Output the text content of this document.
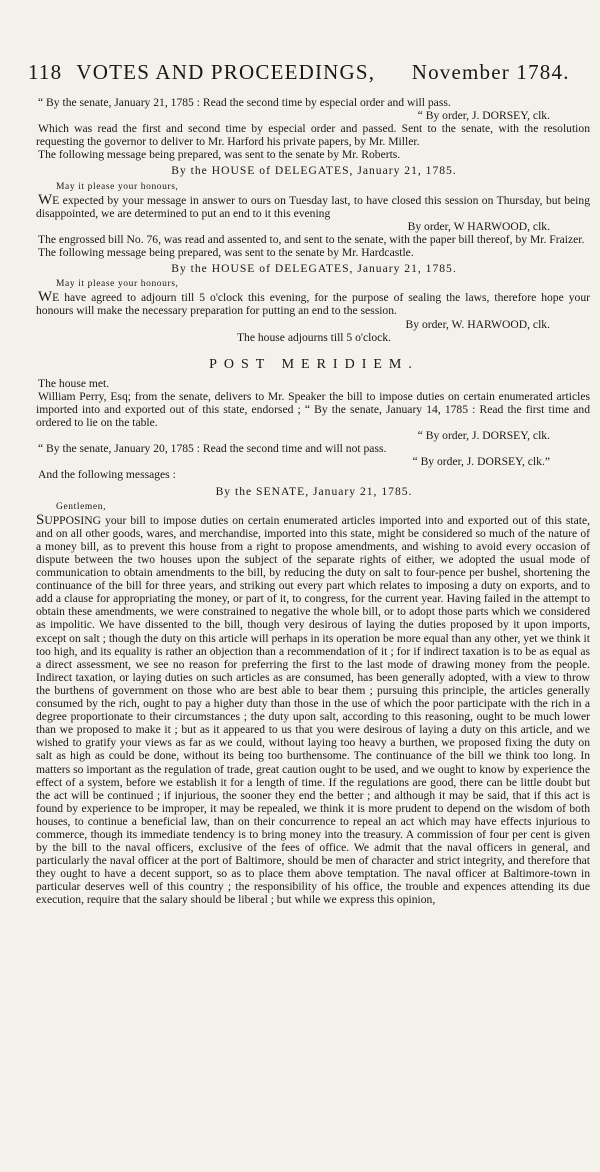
118 VOTES AND PROCEEDINGS, November 1784.

“ By the senate, January 21, 1785 : Read the second time by especial order and will pass.

“ By order, J. DORSEY, clk.

Which was read the first and second time by especial order and passed. Sent to the senate, with the resolution requesting the governor to deliver to Mr. Harford his private papers, by Mr. Miller.

The following message being prepared, was sent to the senate by Mr. Roberts.

By the HOUSE of DELEGATES, January 21, 1785.

May it please your honours,

WE expected by your message in answer to ours on Tuesday last, to have closed this session on Thursday, but being disappointed, we are determined to put an end to it this evening

By order, W HARWOOD, clk.

The engrossed bill No. 76, was read and assented to, and sent to the senate, with the paper bill thereof, by Mr. Fraizer.

The following message being prepared, was sent to the senate by Mr. Hardcastle.

By the HOUSE of DELEGATES, January 21, 1785.

May it please your honours,

WE have agreed to adjourn till 5 o'clock this evening, for the purpose of sealing the laws, therefore hope your honours will make the necessary preparation for putting an end to the session.

By order, W. HARWOOD, clk.

The house adjourns till 5 o'clock.

POST MERIDIEM.

The house met.

William Perry, Esq; from the senate, delivers to Mr. Speaker the bill to impose duties on certain enumerated articles imported into and exported out of this state, endorsed ; “ By the senate, January 14, 1785 : Read the first time and ordered to lie on the table.

“ By order, J. DORSEY, clk.

“ By the senate, January 20, 1785 : Read the second time and will not pass.

“ By order, J. DORSEY, clk.”

And the following messages :

By the SENATE, January 21, 1785.

Gentlemen,

SUPPOSING your bill to impose duties on certain enumerated articles imported into and exported out of this state, and on all other goods, wares, and merchandise, imported into this state, might be considered so much of the nature of a money bill, as to prevent this house from a right to propose amendments, and wishing to avoid every occasion of dispute between the two houses upon the subject of the separate rights of either, we adopted the usual mode of communication to obtain amendments to the bill, by reducing the duty on salt to four-pence per bushel, shortening the continuance of the bill for three years, and striking out every part which relates to imposing a duty on exports, and to add a clause for appropriating the money, or part of it, to congress, for the current year. Having failed in the attempt to obtain these amendments, we were constrained to negative the whole bill, or to adopt those parts which we considered as impolitic. We have dissented to the bill, though very desirous of laying the duties proposed by it upon imports, except on salt ; though the duty on this article will perhaps in its operation be more equal than any other, yet we think it too high, and its equality is rather an objection than a recommendation of it ; for if indirect taxation is to be as equal as a direct assessment, we see no reason for preferring the first to the last mode of drawing money from the people. Indirect taxation, or laying duties on such articles as are consumed, has been generally adopted, with a view to throw the burthens of government on those who are best able to bear them ; pursuing this principle, the articles generally consumed by the rich, ought to pay a higher duty than those in the use of which the poor participate with the rich in a degree proportionate to their circumstances ; the duty upon salt, according to this reasoning, ought to be much lower than we proposed to make it ; but as it appeared to us that you were desirous of laying a duty on this article, and we wished to gratify your views as far as we could, without laying too heavy a burthen, we proposed fixing the duty on salt as high as could be done, without its being too burthensome. The continuance of the bill we think too long. In matters so important as the regulation of trade, great caution ought to be used, and we ought to know by experience the effect of a system, before we establish it for a length of time. If the regulations are good, there can be little doubt but the act will be continued ; if injurious, the sooner they end the better ; and although it may be said, that if this act is found by experience to be improper, it may be repealed, we think it is more prudent to depend on the wisdom of both houses, to continue a beneficial law, than on their concurrence to repeal an act which may have effects injurious to commerce, though its immediate tendency is to bring money into the treasury. A commission of four per cent is given by the bill to the naval officers, exclusive of the fees of office. We admit that the naval officers in general, and particularly the naval officer at the port of Baltimore, should be men of character and strict integrity, and therefore that they ought to have a decent support, so as to place them above temptation. The naval officer at Baltimore-town in particular deserves well of this country ; the responsibility of his office, the trouble and expences attending its due execution, require that the salary should be liberal ; but while we express this opinion,
